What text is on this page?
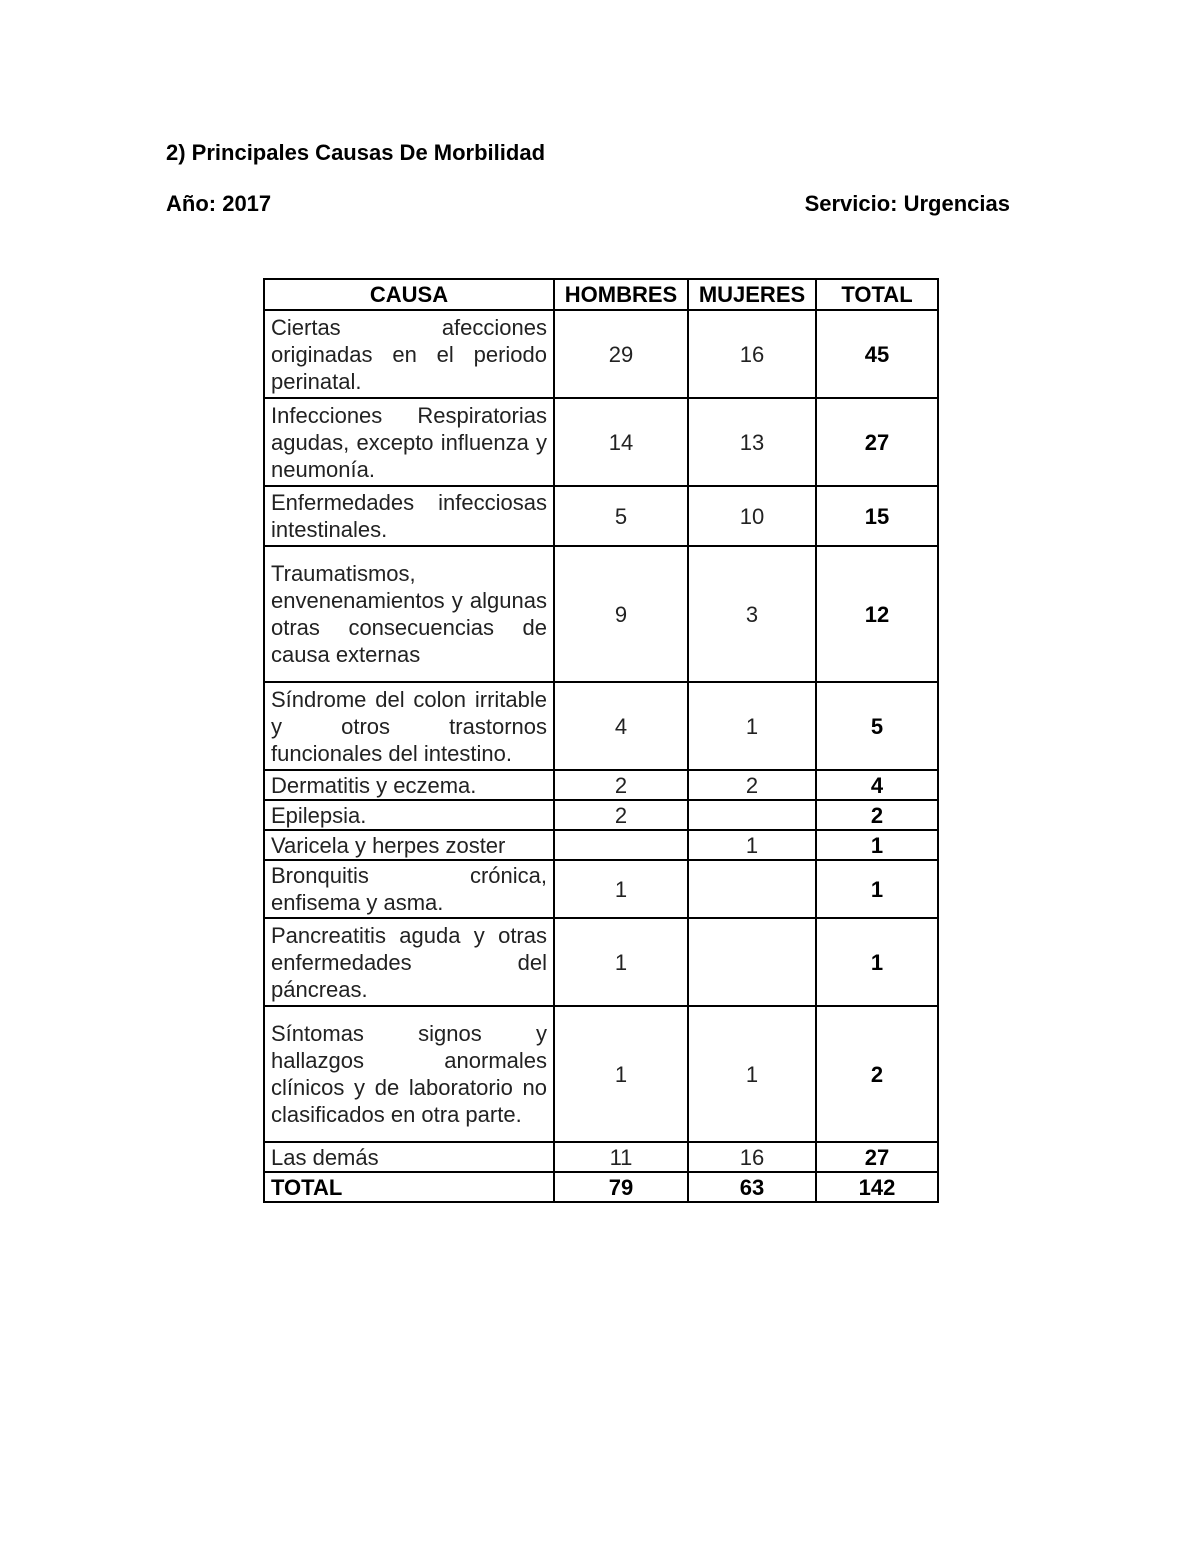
2) Principales Causas De Morbilidad
Año: 2017	Servicio: Urgencias
CAUSA	HOMBRES	MUJERES	TOTAL
Ciertas afecciones originadas en el periodo perinatal.	29	16	45
Infecciones Respiratorias agudas, excepto influenza y neumonía.	14	13	27
Enfermedades infecciosas intestinales.	5	10	15
Traumatismos, envenenamientos y algunas otras consecuencias de causa externas	9	3	12
Síndrome del colon irritable y otros trastornos funcionales del intestino.	4	1	5
Dermatitis y eczema.	2	2	4
Epilepsia.	2		2
Varicela y herpes zoster		1	1
Bronquitis crónica, enfisema y asma.	1		1
Pancreatitis aguda y otras enfermedades del páncreas.	1		1
Síntomas signos y hallazgos anormales clínicos y de laboratorio no clasificados en otra parte.	1	1	2
Las demás	11	16	27
TOTAL	79	63	142
